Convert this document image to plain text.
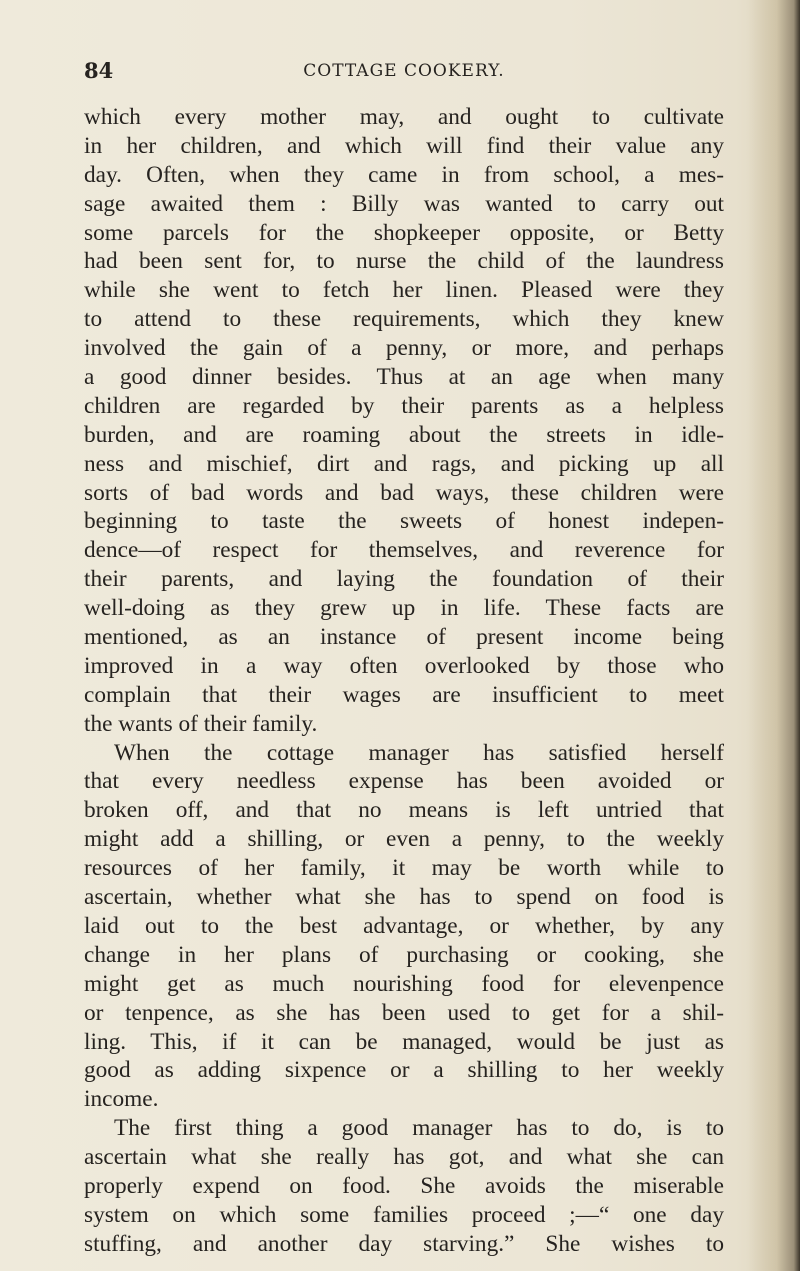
84	COTTAGE COOKERY.
which every mother may, and ought to cultivate
in her children, and which will find their value any
day. Often, when they came in from school, a mes-
sage awaited them : Billy was wanted to carry out
some parcels for the shopkeeper opposite, or Betty
had been sent for, to nurse the child of the laundress
while she went to fetch her linen. Pleased were they
to attend to these requirements, which they knew
involved the gain of a penny, or more, and perhaps
a good dinner besides. Thus at an age when many
children are regarded by their parents as a helpless
burden, and are roaming about the streets in idle-
ness and mischief, dirt and rags, and picking up all
sorts of bad words and bad ways, these children were
beginning to taste the sweets of honest indepen-
dence—of respect for themselves, and reverence for
their parents, and laying the foundation of their
well-doing as they grew up in life. These facts are
mentioned, as an instance of present income being
improved in a way often overlooked by those who
complain that their wages are insufficient to meet
the wants of their family.
When the cottage manager has satisfied herself
that every needless expense has been avoided or
broken off, and that no means is left untried that
might add a shilling, or even a penny, to the weekly
resources of her family, it may be worth while to
ascertain, whether what she has to spend on food is
laid out to the best advantage, or whether, by any
change in her plans of purchasing or cooking, she
might get as much nourishing food for elevenpence
or tenpence, as she has been used to get for a shil-
ling. This, if it can be managed, would be just as
good as adding sixpence or a shilling to her weekly
income.
The first thing a good manager has to do, is to
ascertain what she really has got, and what she can
properly expend on food. She avoids the miserable
system on which some families proceed ;—“ one day
stuffing, and another day starving.” She wishes to
